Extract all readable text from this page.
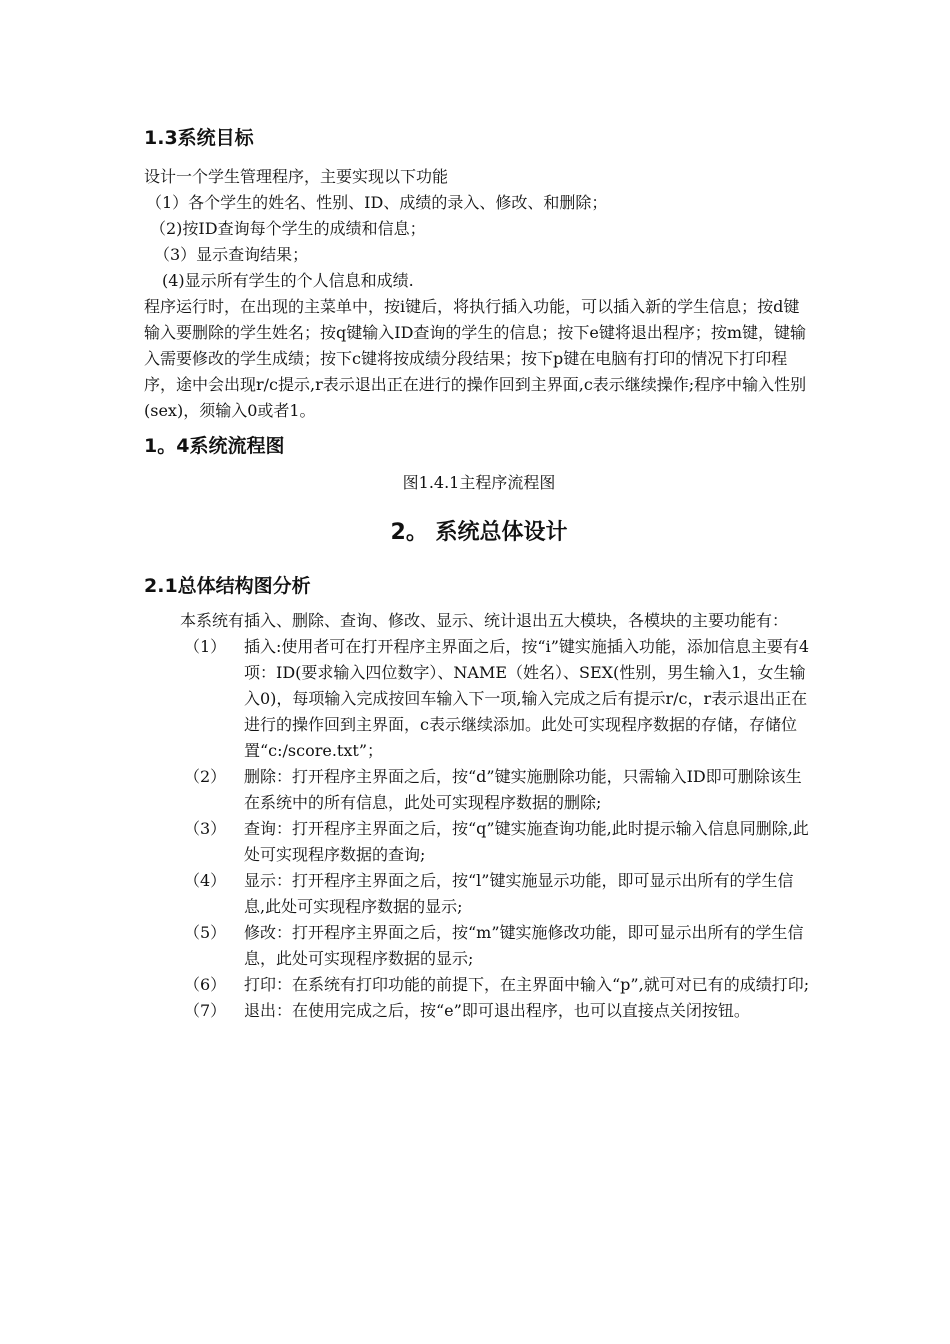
1.3系统目标

设计一个学生管理程序，主要实现以下功能

（1）各个学生的姓名、性别、ID、成绩的录入、修改、和删除；

（2)按ID查询每个学生的成绩和信息；

（3）显示查询结果；

(4)显示所有学生的个人信息和成绩.

程序运行时，在出现的主菜单中，按i键后，将执行插入功能，可以插入新的学生信息；按d键输入要删除的学生姓名；按q键输入ID查询的学生的信息；按下e键将退出程序；按m键，键输入需要修改的学生成绩；按下c键将按成绩分段结果；按下p键在电脑有打印的情况下打印程序，途中会出现r/c提示,r表示退出正在进行的操作回到主界面,c表示继续操作;程序中输入性别(sex)，须输入0或者1。

1。4系统流程图

图1.4.1主程序流程图

2。 系统总体设计
2.1总体结构图分析

本系统有插入、删除、查询、修改、显示、统计退出五大模块，各模块的主要功能有：

（1）	插入:使用者可在打开程序主界面之后，按“i”键实施插入功能，添加信息主要有4项：ID(要求输入四位数字）、NAME（姓名）、SEX(性别，男生输入1，女生输入0)，每项输入完成按回车输入下一项,输入完成之后有提示r/c，r表示退出正在进行的操作回到主界面，c表示继续添加。此处可实现程序数据的存储，存储位置“c:/score.txt”；
（2）	删除：打开程序主界面之后，按“d”键实施删除功能，只需输入ID即可删除该生在系统中的所有信息，此处可实现程序数据的删除;
（3）	查询：打开程序主界面之后，按“q”键实施查询功能,此时提示输入信息同删除,此处可实现程序数据的查询;
（4）	显示：打开程序主界面之后，按“l”键实施显示功能，即可显示出所有的学生信息,此处可实现程序数据的显示;
（5）	修改：打开程序主界面之后，按“m”键实施修改功能，即可显示出所有的学生信息，此处可实现程序数据的显示;
（6）	打印：在系统有打印功能的前提下，在主界面中输入“p”,就可对已有的成绩打印;
（7）	退出：在使用完成之后，按“e”即可退出程序，也可以直接点关闭按钮。
